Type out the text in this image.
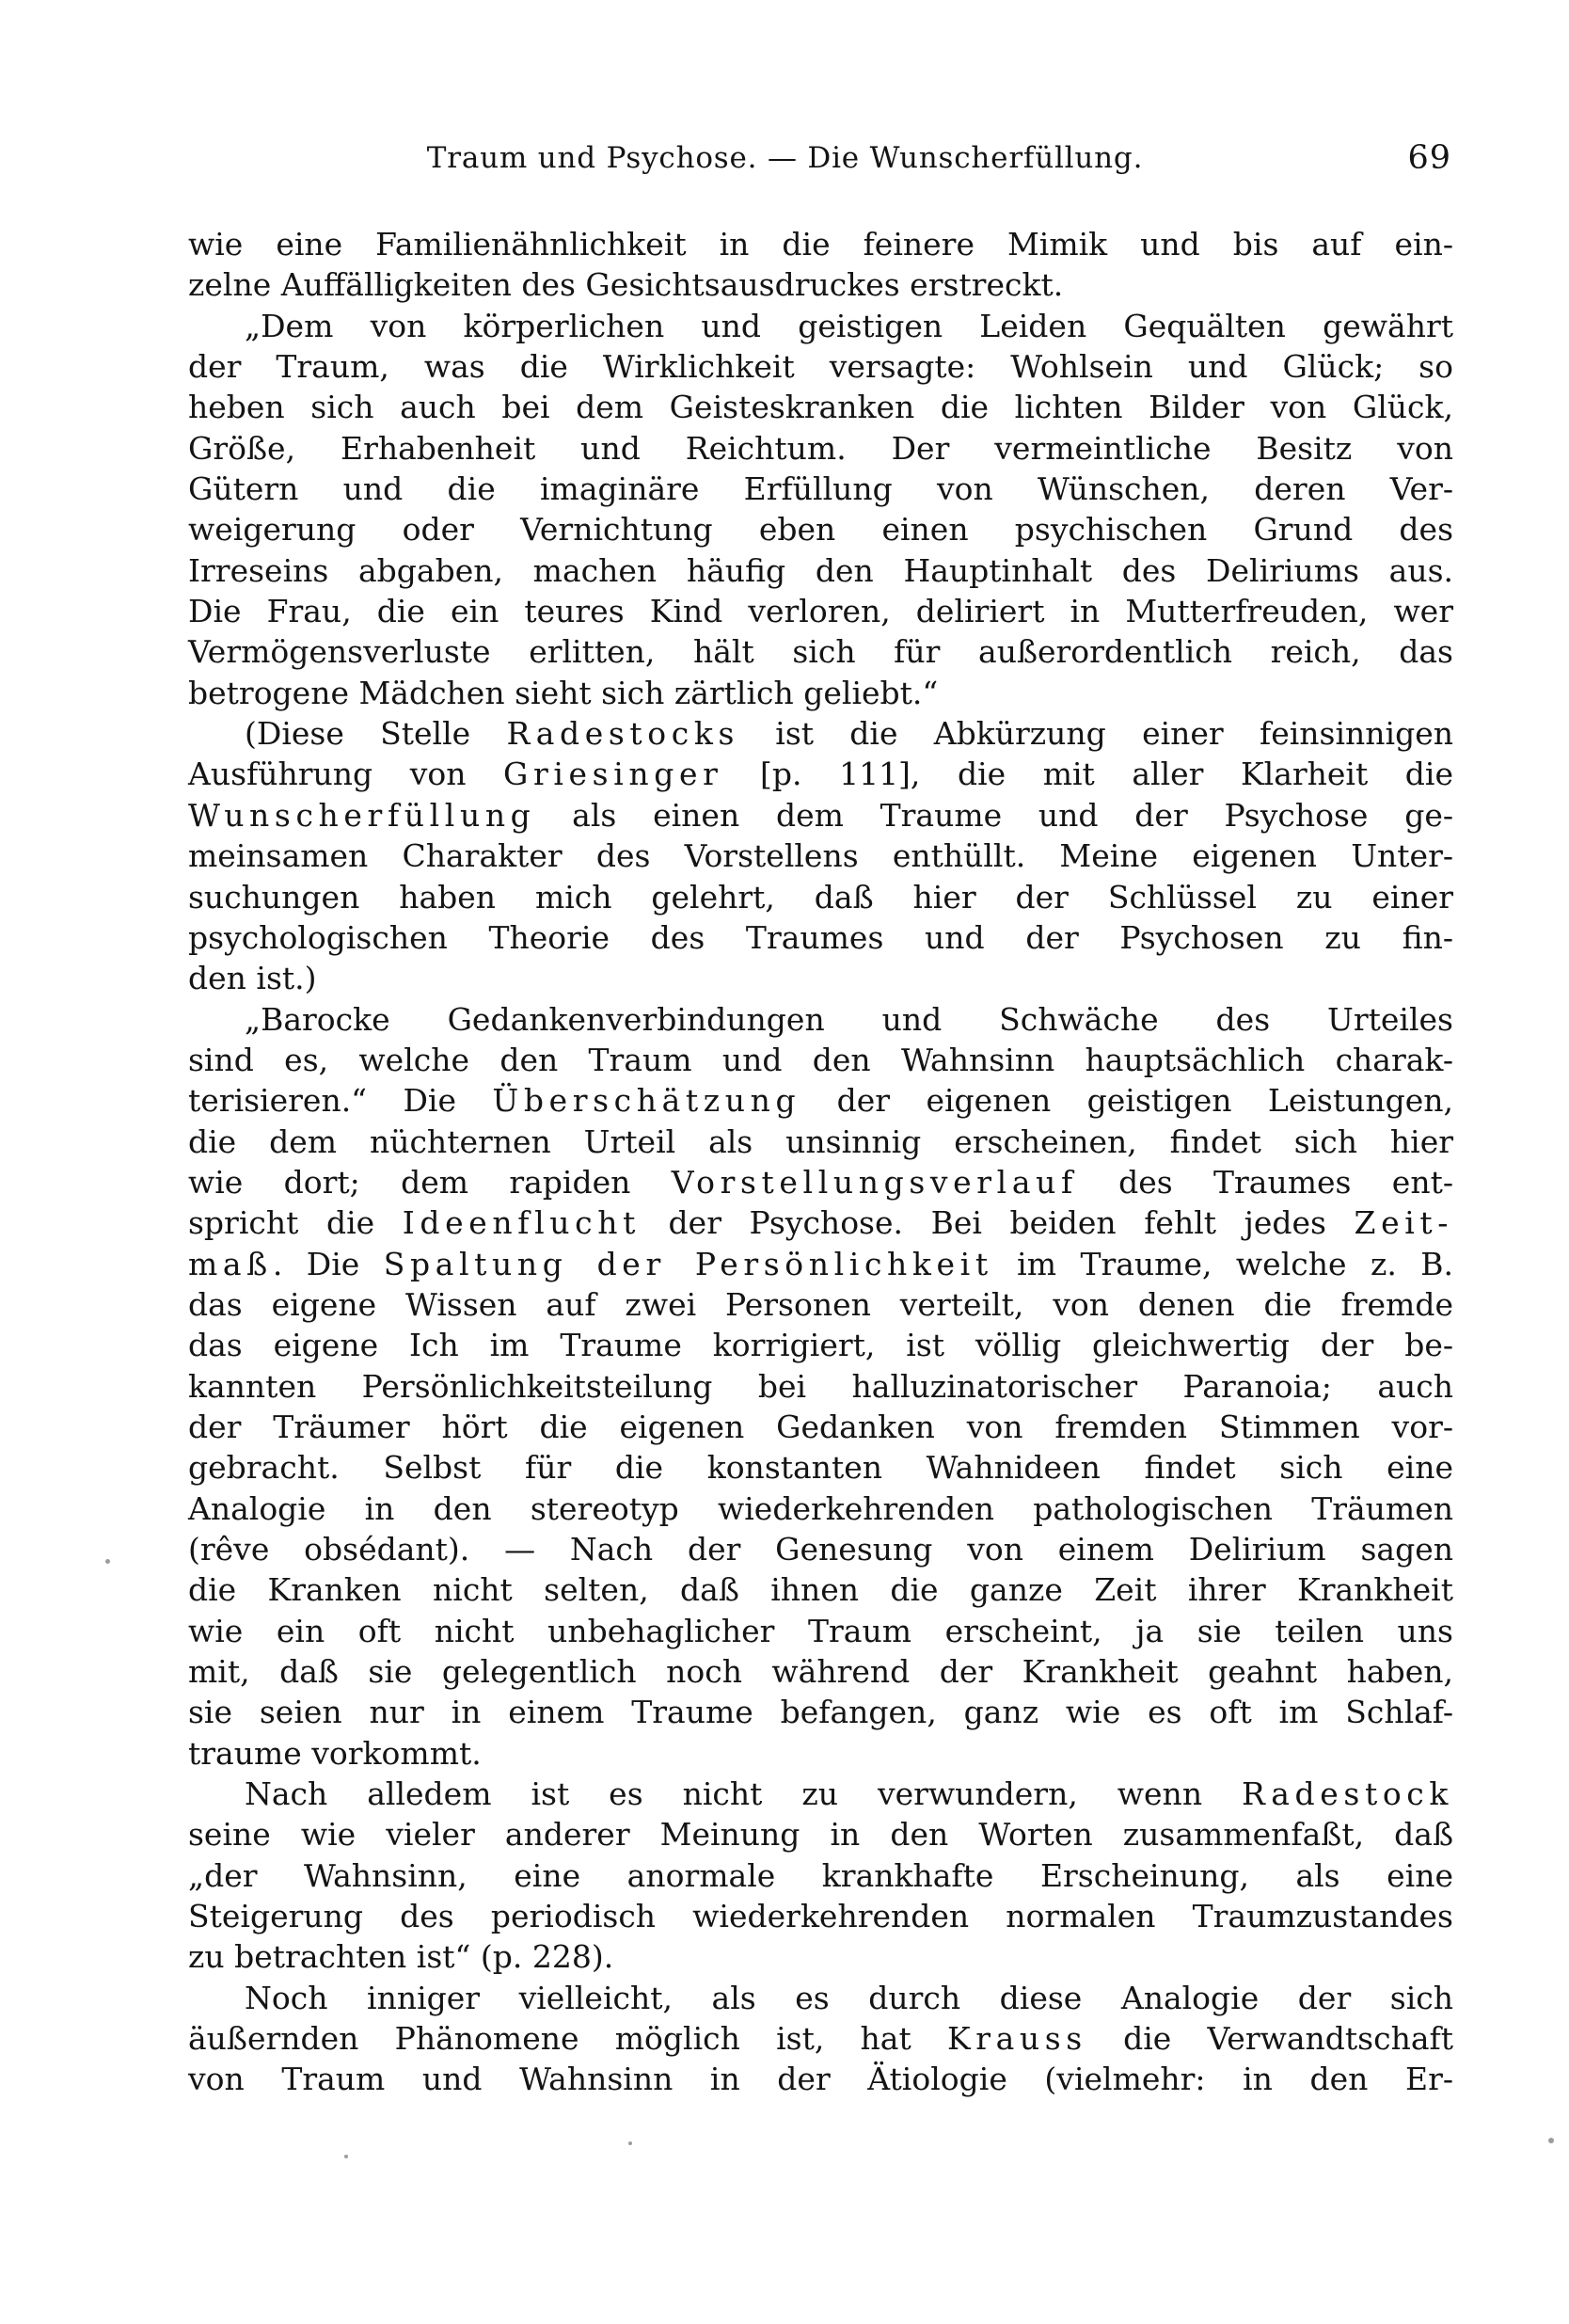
Traum und Psychose. — Die Wunscherfüllung.	69
wie eine Familienähnlichkeit in die feinere Mimik und bis auf ein-
zelne Auffälligkeiten des Gesichtsausdruckes erstreckt.
„Dem von körperlichen und geistigen Leiden Gequälten gewährt
der Traum, was die Wirklichkeit versagte: Wohlsein und Glück; so
heben sich auch bei dem Geisteskranken die lichten Bilder von Glück,
Größe, Erhabenheit und Reichtum. Der vermeintliche Besitz von
Gütern und die imaginäre Erfüllung von Wünschen, deren Ver-
weigerung oder Vernichtung eben einen psychischen Grund des
Irreseins abgaben, machen häufig den Hauptinhalt des Deliriums aus.
Die Frau, die ein teures Kind verloren, deliriert in Mutterfreuden, wer
Vermögensverluste erlitten, hält sich für außerordentlich reich, das
betrogene Mädchen sieht sich zärtlich geliebt.“
(Diese Stelle Radestocks ist die Abkürzung einer feinsinnigen
Ausführung von Griesinger [p. 111], die mit aller Klarheit die
Wunscherfüllung als einen dem Traume und der Psychose ge-
meinsamen Charakter des Vorstellens enthüllt. Meine eigenen Unter-
suchungen haben mich gelehrt, daß hier der Schlüssel zu einer
psychologischen Theorie des Traumes und der Psychosen zu fin-
den ist.)
„Barocke Gedankenverbindungen und Schwäche des Urteiles
sind es, welche den Traum und den Wahnsinn hauptsächlich charak-
terisieren.“ Die Überschätzung der eigenen geistigen Leistungen,
die dem nüchternen Urteil als unsinnig erscheinen, findet sich hier
wie dort; dem rapiden Vorstellungsverlauf des Traumes ent-
spricht die Ideenflucht der Psychose. Bei beiden fehlt jedes Zeit-
maß. Die Spaltung der Persönlichkeit im Traume, welche z. B.
das eigene Wissen auf zwei Personen verteilt, von denen die fremde
das eigene Ich im Traume korrigiert, ist völlig gleichwertig der be-
kannten Persönlichkeitsteilung bei halluzinatorischer Paranoia; auch
der Träumer hört die eigenen Gedanken von fremden Stimmen vor-
gebracht. Selbst für die konstanten Wahnideen findet sich eine
Analogie in den stereotyp wiederkehrenden pathologischen Träumen
(rêve obsédant). — Nach der Genesung von einem Delirium sagen
die Kranken nicht selten, daß ihnen die ganze Zeit ihrer Krankheit
wie ein oft nicht unbehaglicher Traum erscheint, ja sie teilen uns
mit, daß sie gelegentlich noch während der Krankheit geahnt haben,
sie seien nur in einem Traume befangen, ganz wie es oft im Schlaf-
traume vorkommt.
Nach alledem ist es nicht zu verwundern, wenn Radestock
seine wie vieler anderer Meinung in den Worten zusammenfaßt, daß
„der Wahnsinn, eine anormale krankhafte Erscheinung, als eine
Steigerung des periodisch wiederkehrenden normalen Traumzustandes
zu betrachten ist“ (p. 228).
Noch inniger vielleicht, als es durch diese Analogie der sich
äußernden Phänomene möglich ist, hat Krauss die Verwandtschaft
von Traum und Wahnsinn in der Ätiologie (vielmehr: in den Er-
